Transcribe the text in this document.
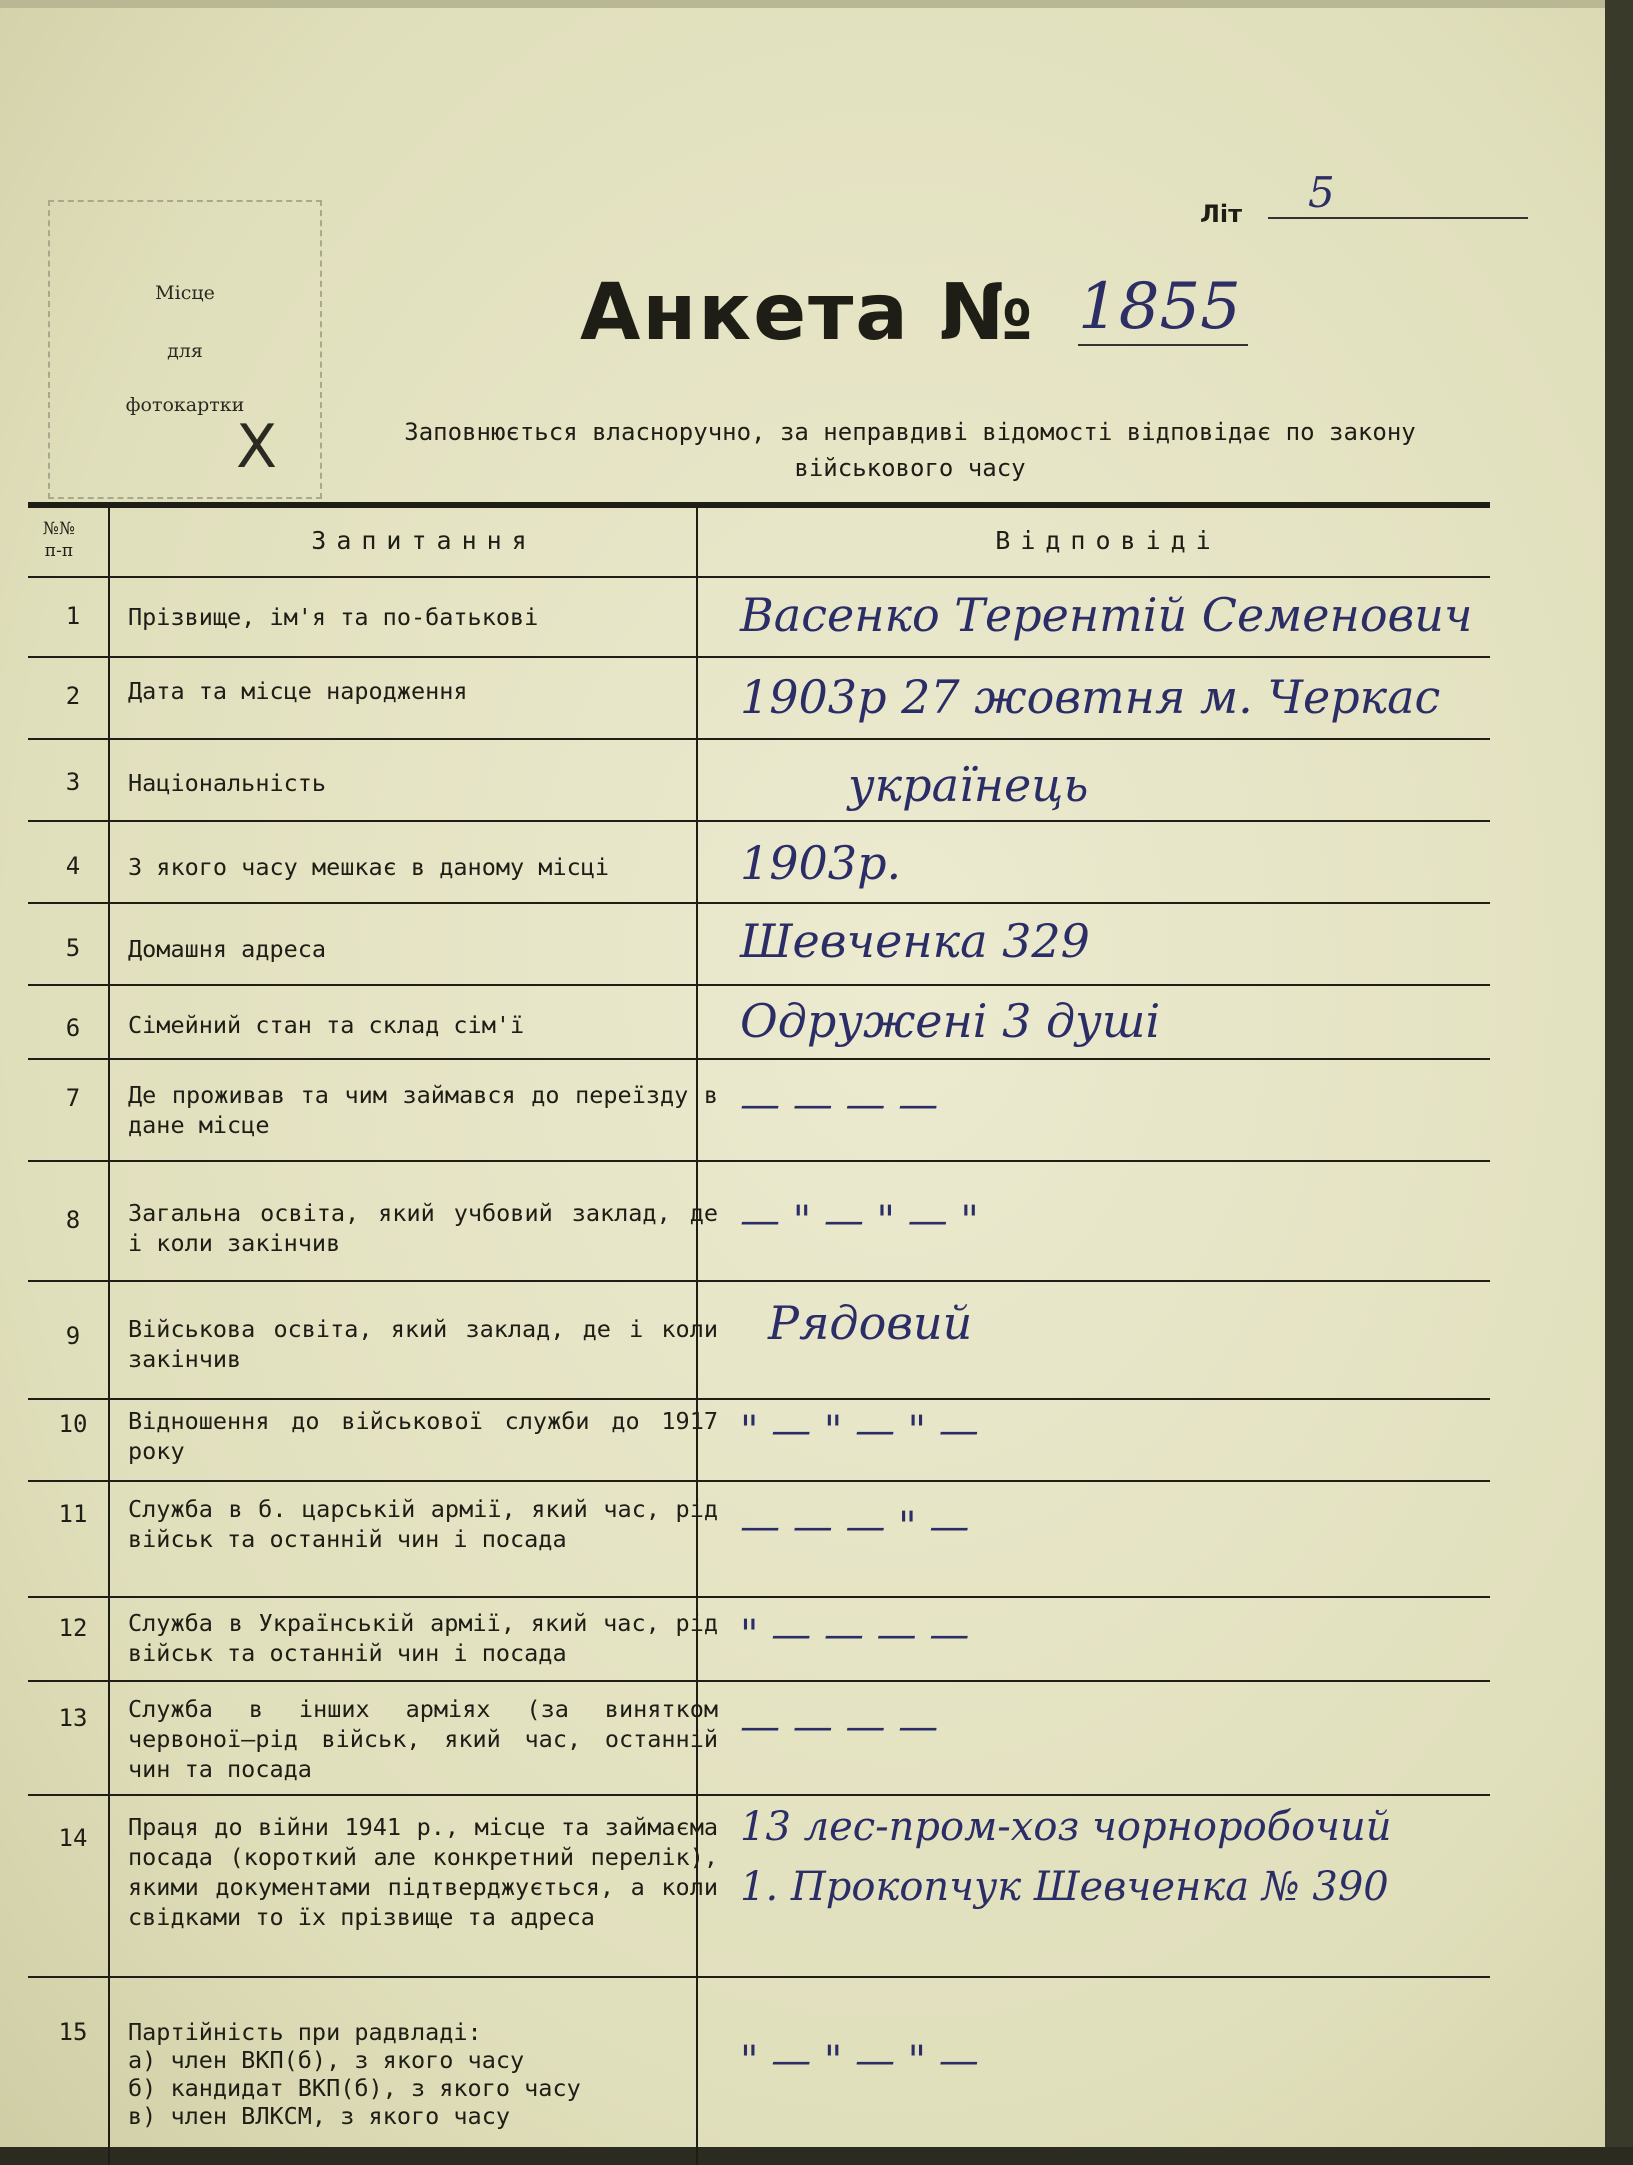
Місце
для
фотокартки
X
Літ	5
Анкета № 1855
Заповнюється власноручно, за неправдиві відомості відповідає по закону
військового часу
№№
п-п	Запитання	Відповіді
1	Прізвище, ім'я та по-батькові	Васенко Терентій Семенович
2	Дата та місце народження	1903р 27 жовтня м. Черкас
3	Національність	українець
4	З якого часу мешкає в даному місці	1903р.
5	Домашня адреса	Шевченка 329
6	Сімейний стан та склад сім'ї	Одружені 3 душі
7	Де проживав та чим займався до переїзду в дане місце	— — — —
8	Загальна освіта, який учбовий заклад, де і коли закінчив	— " — " — "
9	Військова освіта, який заклад, де і коли закінчив
Рядовий
10	Відношення до військової служби до 1917 року	" — " — " —
11	Служба в б. царській армії, який час, рід військ та останній чин і посада	— — — " —
12	Служба в Українській армії, який час, рід військ та останній чин і посада	" — — — —
13	Служба в інших арміях (за винятком червоної—рід військ, який час, останній чин та посада
— — — —
14	Праця до війни 1941 р., місце та займаєма посада (короткий але конкретний перелік), якими документами підтверджується, а коли свідками то їх прізвище та адреса
13 лес-пром-хоз чорноробочий
1. Прокопчук Шевченка № 390
15	Партійність при радвладі:
а) член ВКП(б), з якого часу
б) кандидат ВКП(б), з якого часу
в) член ВЛКСМ, з якого часу
" — " — " —
